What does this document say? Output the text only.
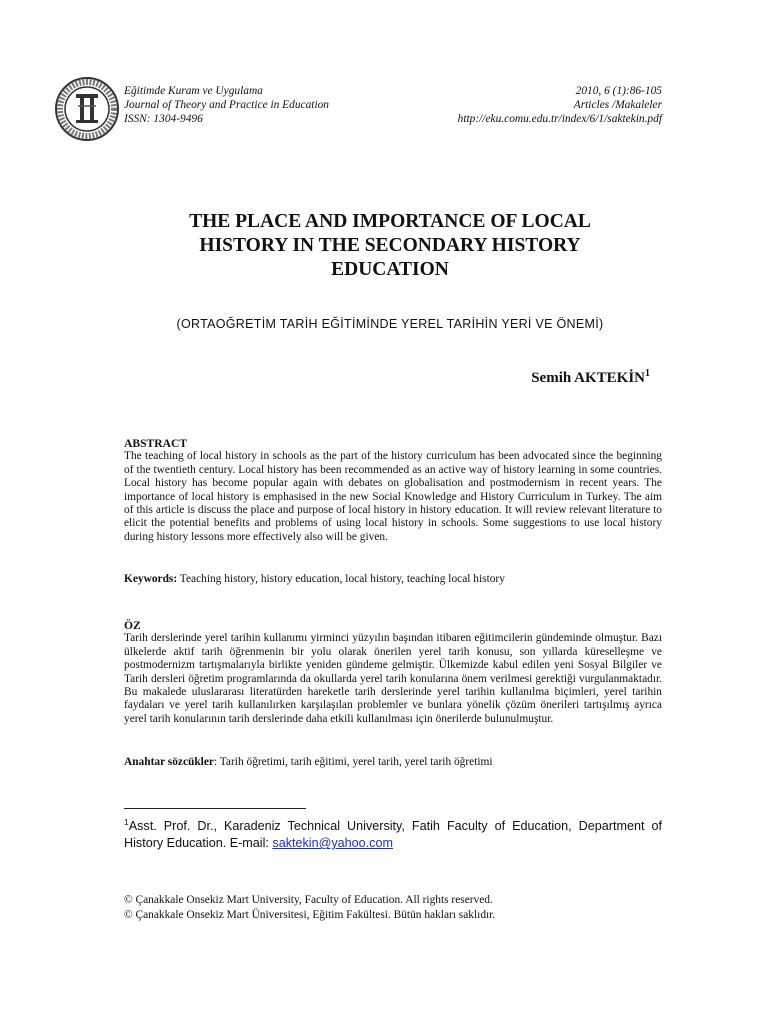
Eğitimde Kuram ve Uygulama
Journal of Theory and Practice in Education
ISSN: 1304-9496
2010, 6 (1):86-105
Articles /Makaleler
http://eku.comu.edu.tr/index/6/1/saktekin.pdf
THE PLACE AND IMPORTANCE OF LOCAL
HISTORY IN THE SECONDARY HISTORY
EDUCATION
(ORTAOĞRETİM TARİH EĞİTİMİNDE YEREL TARİHİN YERİ VE ÖNEMİ)
Semih AKTEKİN$^1$
ABSTRACT
The teaching of local history in schools as the part of the history curriculum has been advocated since the beginning of the twentieth century. Local history has been recommended as an active way of history learning in some countries. Local history has become popular again with debates on globalisation and postmodernism in recent years. The importance of local history is emphasised in the new Social Knowledge and History Curriculum in Turkey. The aim of this article is discuss the place and purpose of local history in history education. It will review relevant literature to elicit the potential benefits and problems of using local history in schools. Some suggestions to use local history during history lessons more effectively also will be given.
Keywords: Teaching history, history education, local history, teaching local history
ÖZ
Tarih derslerinde yerel tarihin kullanımı yirminci yüzyılın başından itibaren eğitimcilerin gündeminde olmuştur. Bazı ülkelerde aktif tarih öğrenmenin bir yolu olarak önerilen yerel tarih konusu, son yıllarda küreselleşme ve postmodernizm tartışmalarıyla birlikte yeniden gündeme gelmiştir. Ülkemizde kabul edilen yeni Sosyal Bilgiler ve Tarih dersleri öğretim programlarında da okullarda yerel tarih konularına önem verilmesi gerektiği vurgulanmaktadır. Bu makalede uluslararası literatürden hareketle tarih derslerinde yerel tarihin kullanılma biçimleri, yerel tarihin faydaları ve yerel tarih kullanılırken karşılaşılan problemler ve bunlara yönelik çözüm önerileri tartışılmış ayrıca yerel tarih konularının tarih derslerinde daha etkili kullanılması için önerilerde bulunulmuştur.
Anahtar sözcükler: Tarih öğretimi, tarih eğitimi, yerel tarih, yerel tarih öğretimi
$^1$Asst. Prof. Dr., Karadeniz Technical University, Fatih Faculty of Education, Department of History Education. E-mail: saktekin@yahoo.com
© Çanakkale Onsekiz Mart University, Faculty of Education. All rights reserved.
© Çanakkale Onsekiz Mart Üniversitesi, Eğitim Fakültesi. Bütün hakları saklıdır.
